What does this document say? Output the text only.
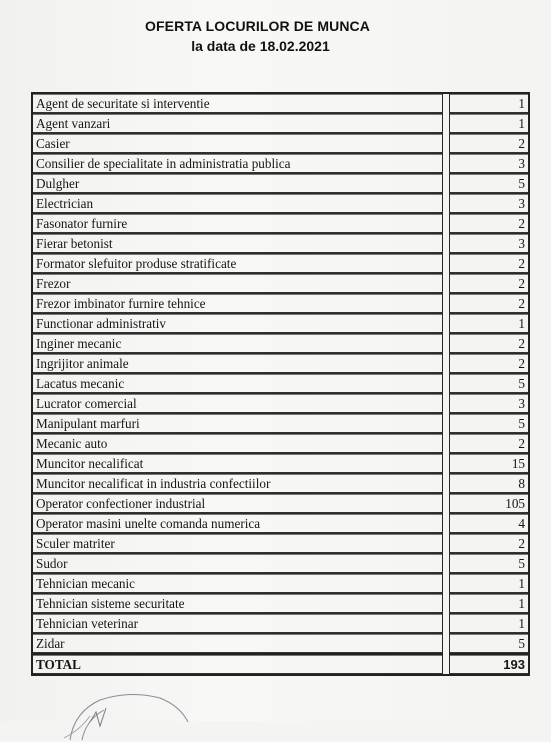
OFERTA LOCURILOR DE MUNCA
la data de 18.02.2021
Agent de securitate si interventie		1
Agent vanzari		1
Casier		2
Consilier de specialitate in administratia publica		3
Dulgher		5
Electrician		3
Fasonator furnire		2
Fierar betonist		3
Formator slefuitor produse stratificate		2
Frezor		2
Frezor imbinator furnire tehnice		2
Functionar administrativ		1
Inginer mecanic		2
Ingrijitor animale		2
Lacatus mecanic		5
Lucrator comercial		3
Manipulant marfuri		5
Mecanic auto		2
Muncitor necalificat		15
Muncitor necalificat in industria confectiilor		8
Operator confectioner industrial		105
Operator masini unelte comanda numerica		4
Sculer matriter		2
Sudor		5
Tehnician mecanic		1
Tehnician sisteme securitate		1
Tehnician veterinar		1
Zidar		5
TOTAL		193
